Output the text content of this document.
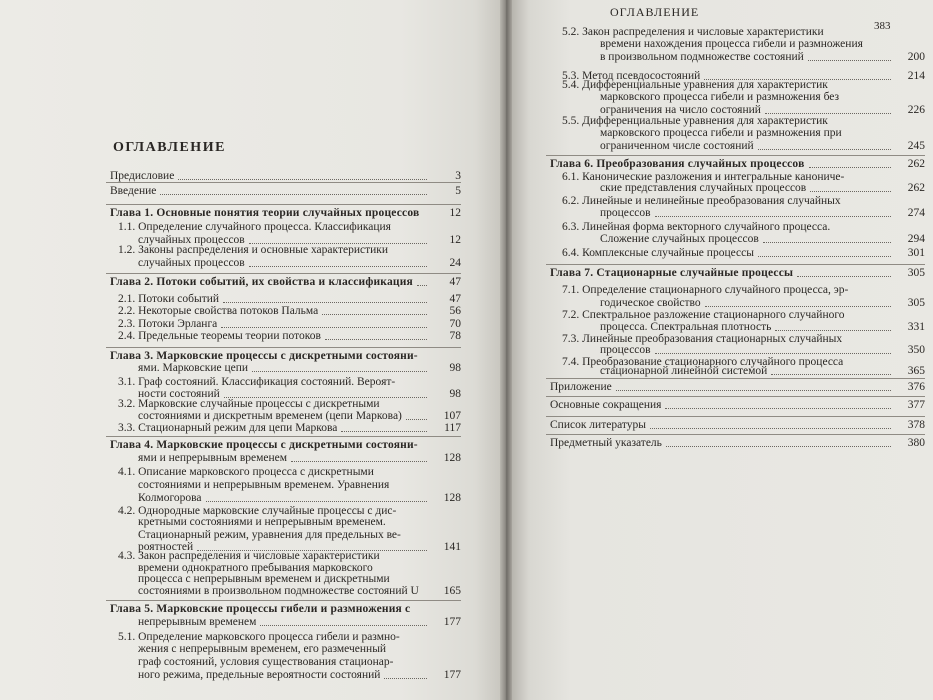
ОГЛАВЛЕНИЕ
Предисловие	3
Введение	5
Глава 1. Основные понятия теории случайных процессов	12
1.1. Определение случайного процесса. Классификация
случайных процессов	12
1.2. Законы распределения и основные характеристики
случайных процессов	24
Глава 2. Потоки событий, их свойства и классификация	47
2.1. Потоки событий	47
2.2. Некоторые свойства потоков Пальма	56
2.3. Потоки Эрланга	70
2.4. Предельные теоремы теории потоков	78
Глава 3. Марковские процессы с дискретными состояни-
ями. Марковские цепи	98
3.1. Граф состояний. Классификация состояний. Вероят-
ности состояний	98
3.2. Марковские случайные процессы с дискретными
состояниями и дискретным временем (цепи Маркова)	107
3.3. Стационарный режим для цепи Маркова	117
Глава 4. Марковские процессы с дискретными состояни-
ями и непрерывным временем	128
4.1. Описание марковского процесса с дискретными
состояниями и непрерывным временем. Уравнения
Колмогорова	128
4.2. Однородные марковские случайные процессы с дис-
кретными состояниями и непрерывным временем.
Стационарный режим, уравнения для предельных ве-
роятностей	141
4.3. Закон распределения и числовые характеристики
времени однократного пребывания марковского
процесса с непрерывным временем и дискретными
состояниями в произвольном подмножестве состояний U	165
Глава 5. Марковские процессы гибели и размножения с
непрерывным временем	177
5.1. Определение марковского процесса гибели и размно-
жения с непрерывным временем, его размеченный
граф состояний, условия существования стационар-
ного режима, предельные вероятности состояний	177
ОГЛАВЛЕНИЕ
383
5.2. Закон распределения и числовые характеристики
времени нахождения процесса гибели и размножения
в произвольном подмножестве состояний	200
5.3. Метод псевдосостояний	214
5.4. Дифференциальные уравнения для характеристик
марковского процесса гибели и размножения без
ограничения на число состояний	226
5.5. Дифференциальные уравнения для характеристик
марковского процесса гибели и размножения при
ограниченном числе состояний	245
Глава 6. Преобразования случайных процессов	262
6.1. Канонические разложения и интегральные канониче-
ские представления случайных процессов	262
6.2. Линейные и нелинейные преобразования случайных
процессов	274
6.3. Линейная форма векторного случайного процесса.
Сложение случайных процессов	294
6.4. Комплексные случайные процессы	301
Глава 7. Стационарные случайные процессы	305
7.1. Определение стационарного случайного процесса, эр-
годическое свойство	305
7.2. Спектральное разложение стационарного случайного
процесса. Спектральная плотность	331
7.3. Линейные преобразования стационарных случайных
процессов	350
7.4. Преобразование стационарного случайного процесса
стационарной линейной системой	365
Приложение	376
Основные сокращения	377
Список литературы	378
Предметный указатель	380
